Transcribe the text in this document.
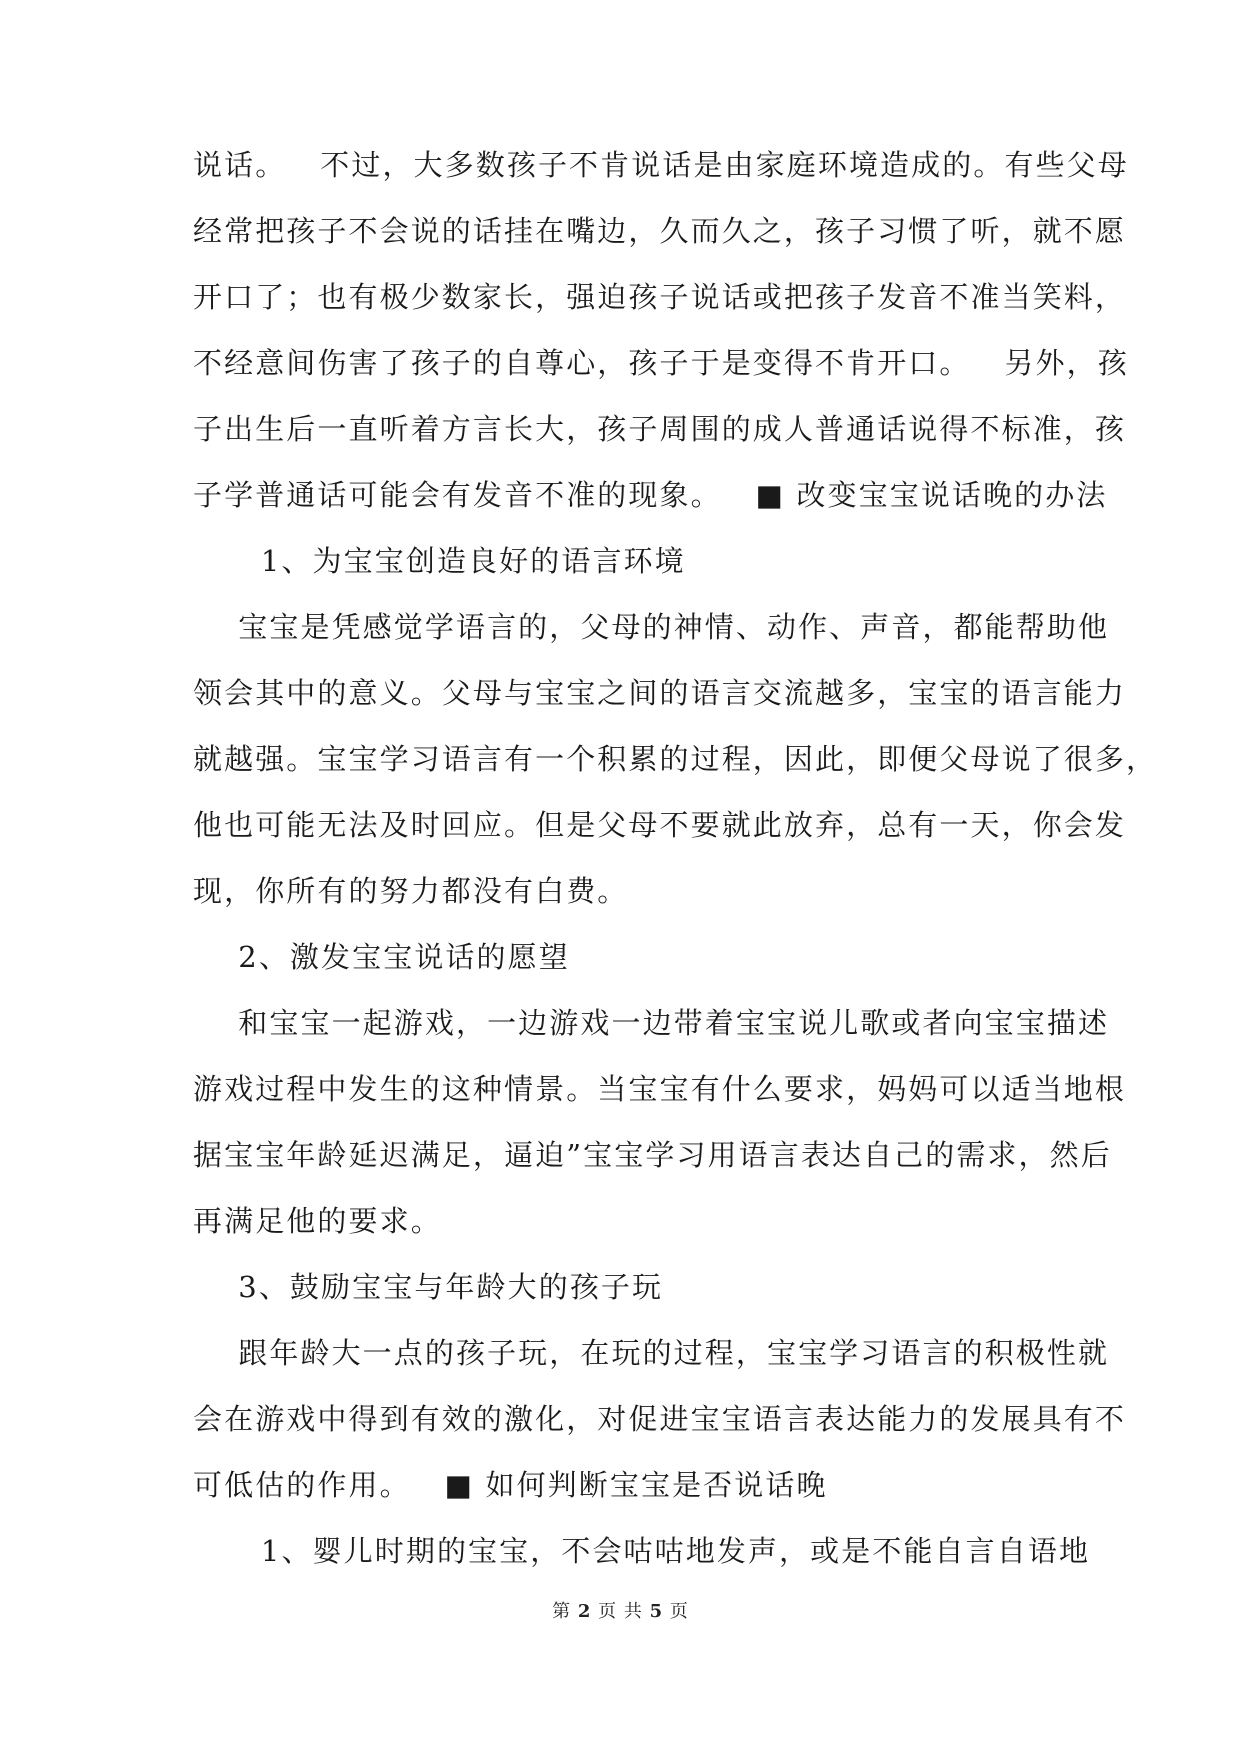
说话。   不过，大多数孩子不肯说话是由家庭环境造成的。有些父母
经常把孩子不会说的话挂在嘴边，久而久之，孩子习惯了听，就不愿
开口了；也有极少数家长，强迫孩子说话或把孩子发音不准当笑料，
不经意间伤害了孩子的自尊心，孩子于是变得不肯开口。   另外，孩
子出生后一直听着方言长大，孩子周围的成人普通话说得不标准，孩
子学普通话可能会有发音不准的现象。   ■ 改变宝宝说话晚的办法
1、为宝宝创造良好的语言环境
宝宝是凭感觉学语言的，父母的神情、动作、声音，都能帮助他
领会其中的意义。父母与宝宝之间的语言交流越多，宝宝的语言能力
就越强。宝宝学习语言有一个积累的过程，因此，即便父母说了很多，
他也可能无法及时回应。但是父母不要就此放弃，总有一天，你会发
现，你所有的努力都没有白费。
2、激发宝宝说话的愿望
和宝宝一起游戏，一边游戏一边带着宝宝说儿歌或者向宝宝描述
游戏过程中发生的这种情景。当宝宝有什么要求，妈妈可以适当地根
据宝宝年龄延迟满足，逼迫”宝宝学习用语言表达自己的需求，然后
再满足他的要求。
3、鼓励宝宝与年龄大的孩子玩
跟年龄大一点的孩子玩，在玩的过程，宝宝学习语言的积极性就
会在游戏中得到有效的激化，对促进宝宝语言表达能力的发展具有不
可低估的作用。   ■ 如何判断宝宝是否说话晚
1、婴儿时期的宝宝，不会咕咕地发声，或是不能自言自语地
第 2 页 共 5 页
